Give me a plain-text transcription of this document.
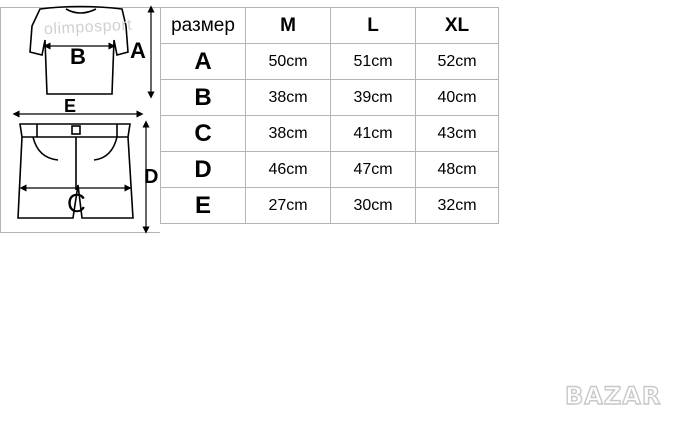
B A
E
C
D
olimposport размер	M	L	XL
A	50cm	51cm	52cm
B	38cm	39cm	40cm
C	38cm	41cm	43cm
D	46cm	47cm	48cm
E	27cm	30cm	32cm
BAZAR
